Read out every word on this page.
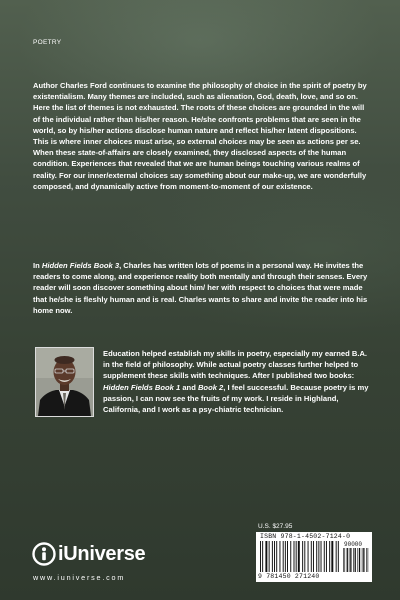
POETRY

Author Charles Ford continues to examine the philosophy of choice in the spirit of poetry by existentialism. Many themes are included, such as alienation, God, death, love, and so on. Here the list of themes is not exhausted. The roots of these choices are grounded in the will of the individual rather than his/her reason. He/she confronts problems that are seen in the world, so by his/her actions disclose human nature and reflect his/her latent dispositions. This is where inner choices must arise, so external choices may be seen as actions per se. When these state-of-affairs are closely examined, they disclosed aspects of the human condition. Experiences that revealed that we are human beings touching various realms of reality. For our inner/external choices say something about our make-up, we are wonderfully composed, and dynamically active from moment-to-moment of our existence.

In Hidden Fields Book 3, Charles has written lots of poems in a personal way. He invites the readers to come along, and experience reality both mentally and through their senses. Every reader will soon discover something about him/ her with respect to choices that were made that he/she is fleshly human and is real. Charles wants to share and invite the reader into his home now.

Education helped establish my skills in poetry, especially my earned B.A. in the field of philosophy. While actual poetry classes further helped to supplement these skills with techniques. After I published two books: Hidden Fields Book 1 and Book 2, I feel successful. Because poetry is my passion, I can now see the fruits of my work. I reside in Highland, California, and I work as a psy-chiatric technician.

U.S. $27.95
ISBN 978-1-4502-7124-0
90000
9 781450 271240
iUniverse
www.iuniverse.com
